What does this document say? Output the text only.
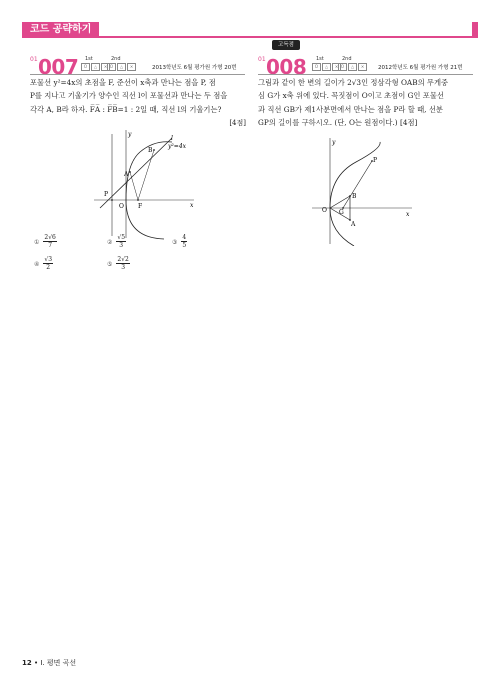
코드 공략하기
01 007 1st	2nd
O	△	✕ O	△	✕	2013학년도 6월 평가원 가형 20번

포물선 y²=4x의 초점을 F, 준선이 x축과 만나는 점을 P, 점

P를 지나고 기울기가 양수인 직선 l이 포물선과 만나는 두 점을

각각 A, B라 하자. F̅A̅ : F̅B̅=1 : 2일 때, 직선 l의 기울기는?

[4점]

y
x
l
y²=4x
B
A
P
O F
① $\frac{2√6}{7}$	② $\frac{√5}{3}$	③ $\frac{4}{5}$
④ $\frac{√3}{2}$	⑤ $\frac{2√2}{3}$
고득점
01 008 1st	2nd
O	△	✕ O	△	✕	2012학년도 6월 평가원 가형 21번

그림과 같이 한 변의 길이가 2√3인 정삼각형 OAB의 무게중

심 G가 x축 위에 있다. 꼭짓점이 O이고 초점이 G인 포물선

과 직선 GB가 제1사분면에서 만나는 점을 P라 할 때, 선분

GP의 길이를 구하시오. (단, O는 원점이다.) [4점]

y
x
P
B
O G
A
12 • Ⅰ. 평면 곡선
